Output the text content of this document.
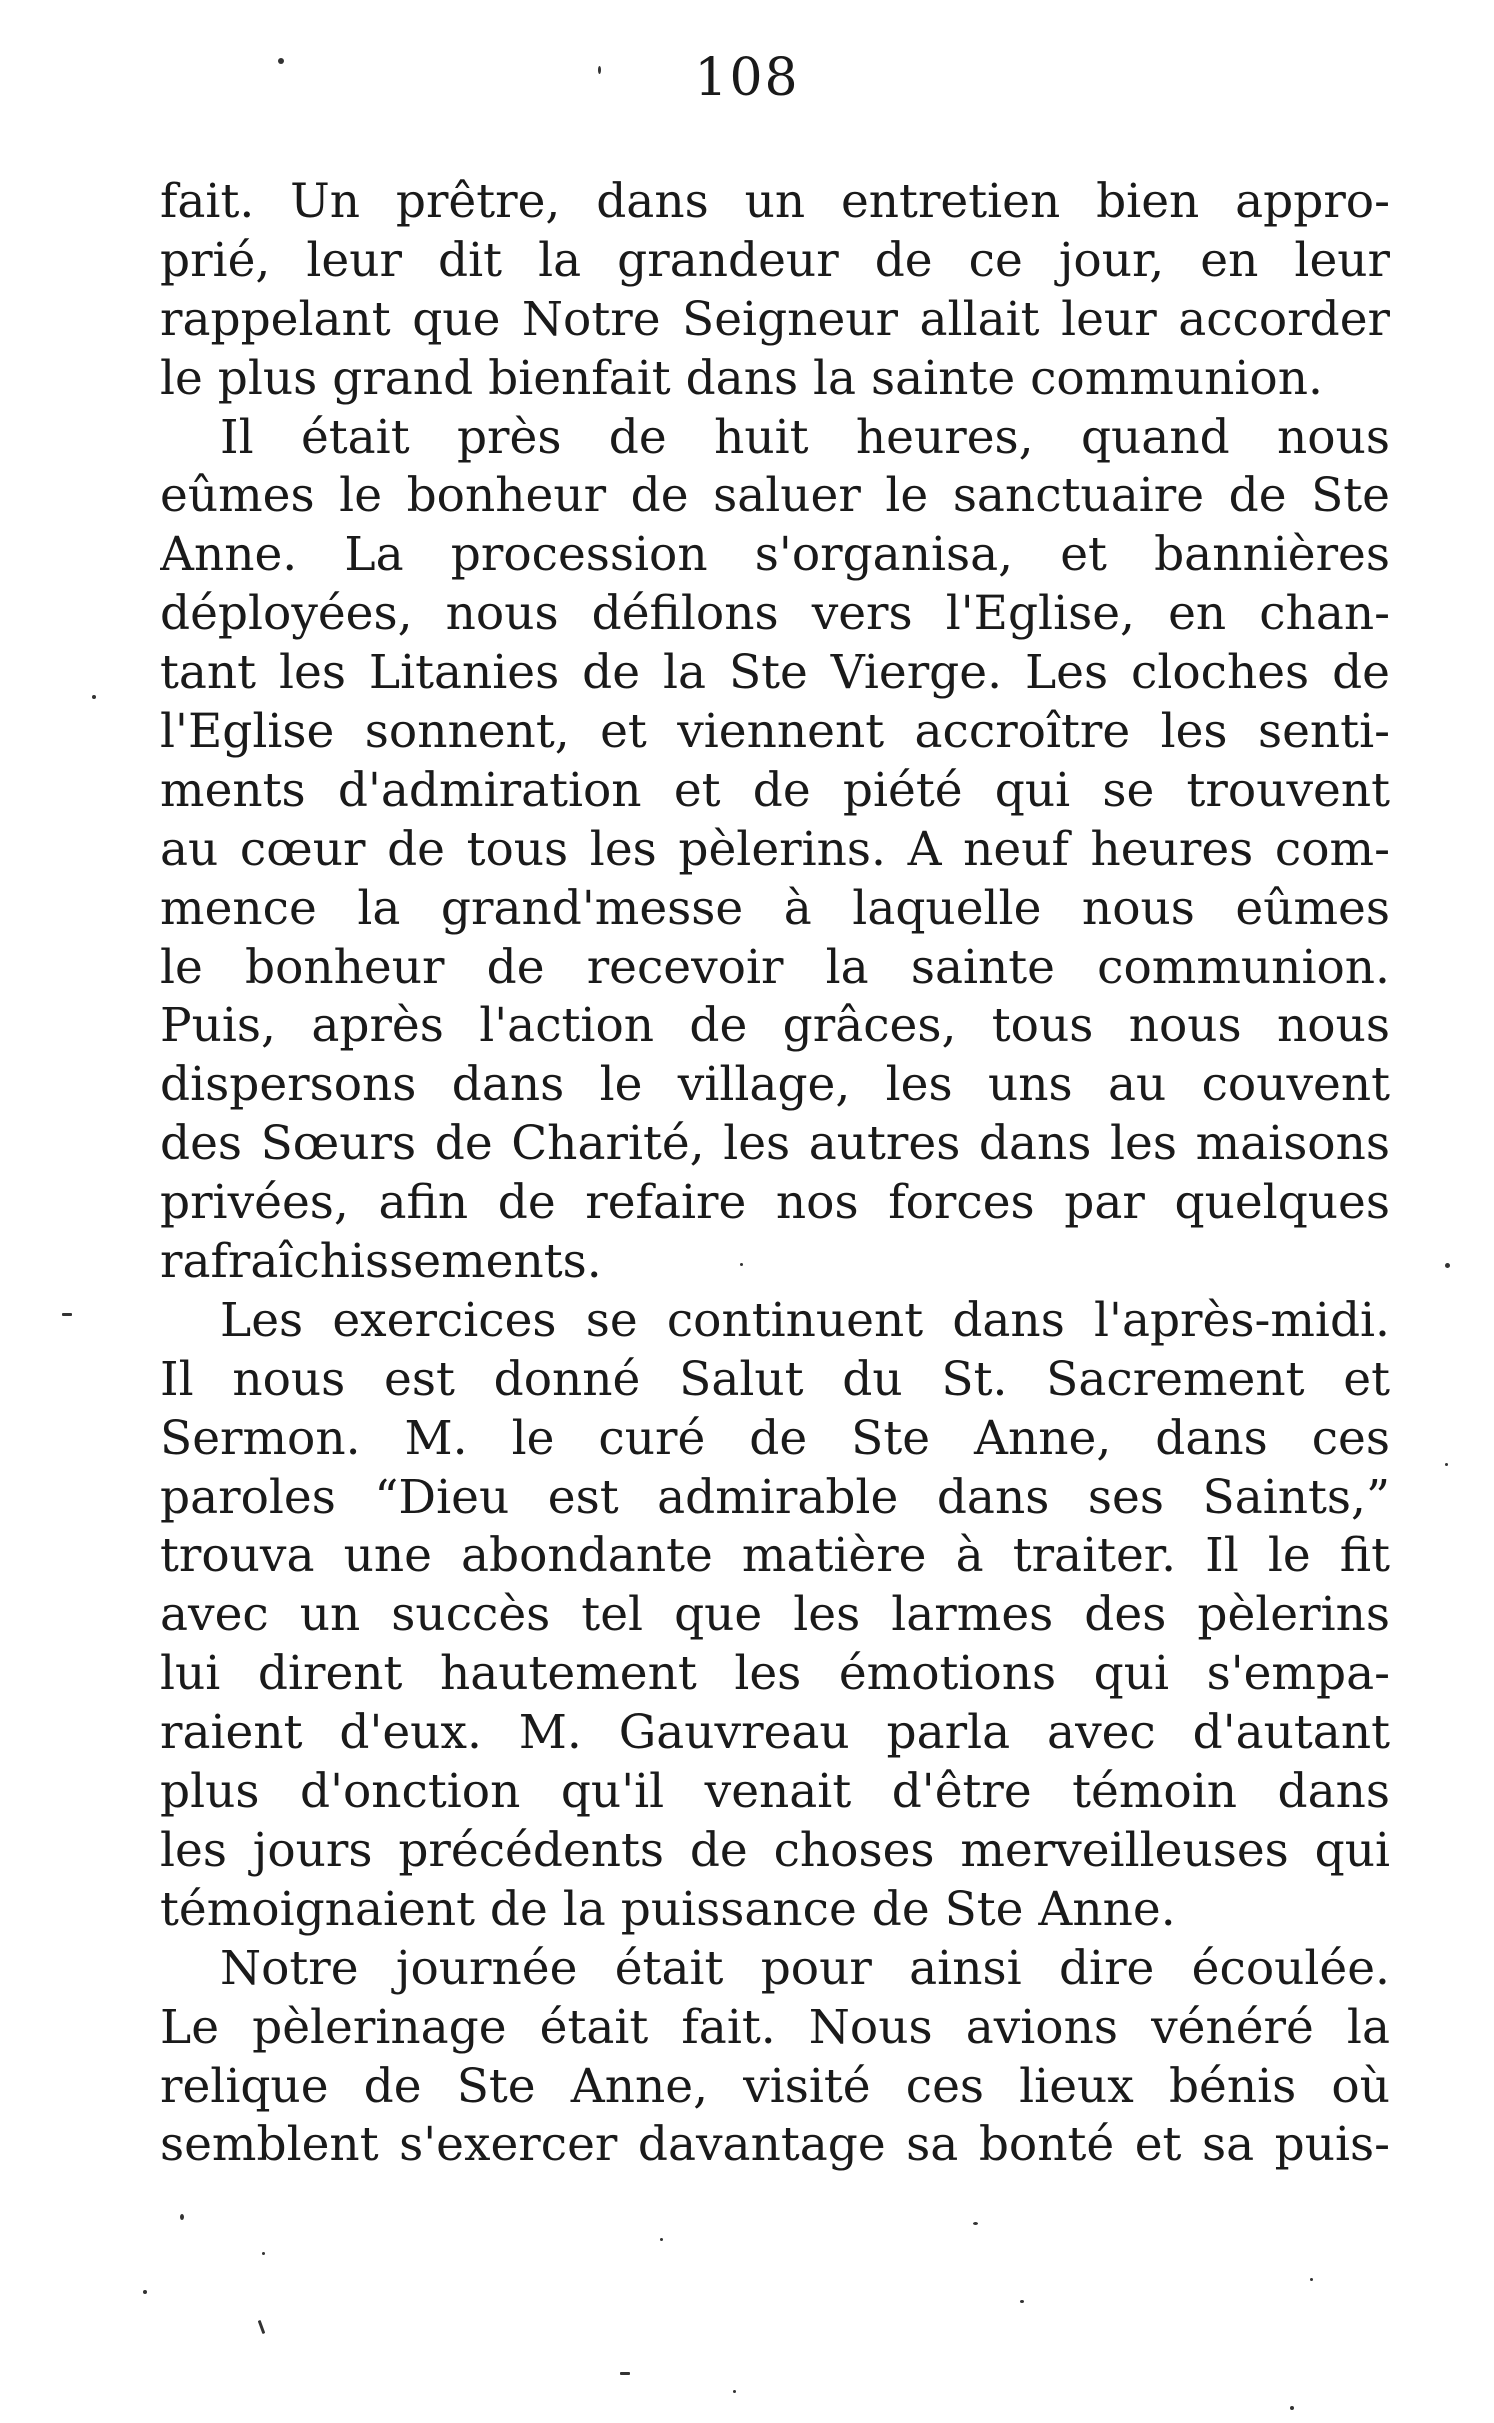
108
fait. Un prêtre, dans un entretien bien appro-
prié, leur dit la grandeur de ce jour, en leur
rappelant que Notre Seigneur allait leur accorder
le plus grand bienfait dans la sainte communion.
Il était près de huit heures, quand nous
eûmes le bonheur de saluer le sanctuaire de Ste
Anne. La procession s'organisa, et bannières
déployées, nous défilons vers l'Eglise, en chan-
tant les Litanies de la Ste Vierge. Les cloches de
l'Eglise sonnent, et viennent accroître les senti-
ments d'admiration et de piété qui se trouvent
au cœur de tous les pèlerins. A neuf heures com-
mence la grand'messe à laquelle nous eûmes
le bonheur de recevoir la sainte communion.
Puis, après l'action de grâces, tous nous nous
dispersons dans le village, les uns au couvent
des Sœurs de Charité, les autres dans les maisons
privées, afin de refaire nos forces par quelques
rafraîchissements.
Les exercices se continuent dans l'après-midi.
Il nous est donné Salut du St. Sacrement et
Sermon. M. le curé de Ste Anne, dans ces
paroles “Dieu est admirable dans ses Saints,”
trouva une abondante matière à traiter. Il le fit
avec un succès tel que les larmes des pèlerins
lui dirent hautement les émotions qui s'empa-
raient d'eux. M. Gauvreau parla avec d'autant
plus d'onction qu'il venait d'être témoin dans
les jours précédents de choses merveilleuses qui
témoignaient de la puissance de Ste Anne.
Notre journée était pour ainsi dire écoulée.
Le pèlerinage était fait. Nous avions vénéré la
relique de Ste Anne, visité ces lieux bénis où
semblent s'exercer davantage sa bonté et sa puis-
